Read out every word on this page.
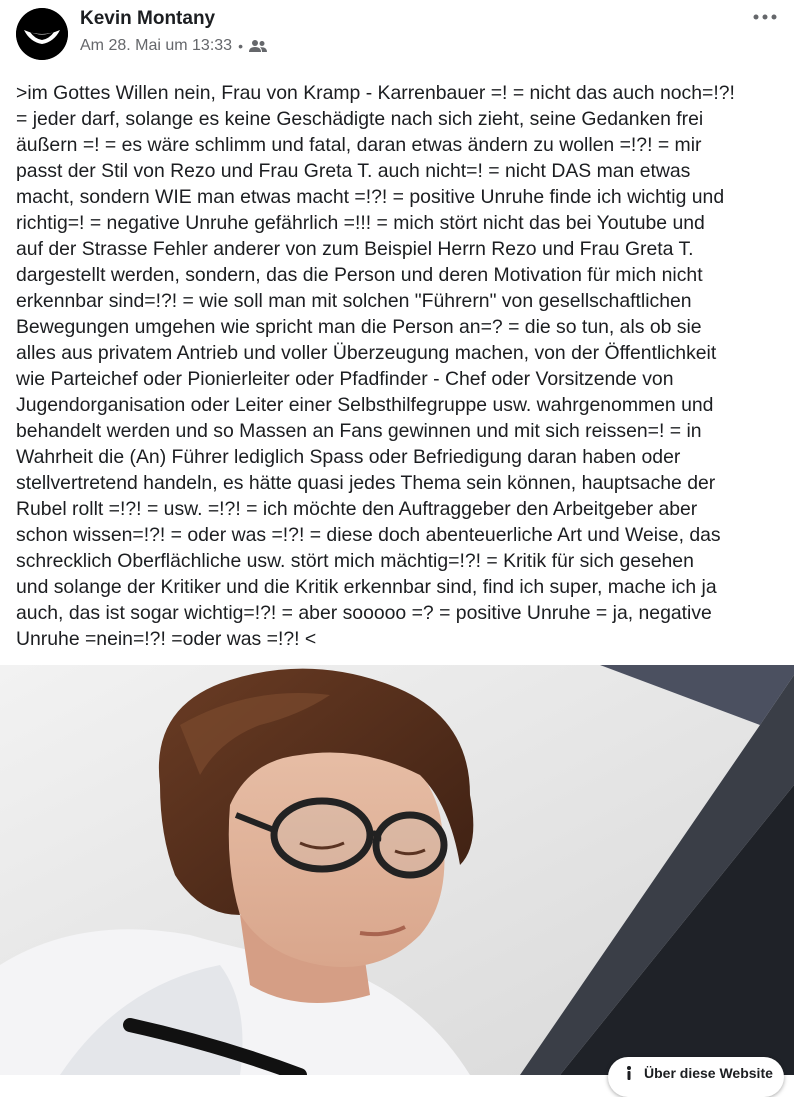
Kevin Montany
Am 28. Mai um 13:33 •

>im Gottes Willen nein, Frau von Kramp - Karrenbauer =! = nicht das auch noch=!?!
= jeder darf, solange es keine Geschädigte nach sich zieht, seine Gedanken frei
äußern =! = es wäre schlimm und fatal, daran etwas ändern zu wollen =!?! = mir
passt der Stil von Rezo und Frau Greta T. auch nicht=! = nicht DAS man etwas
macht, sondern WIE man etwas macht =!?! = positive Unruhe finde ich wichtig und
richtig=! = negative Unruhe gefährlich =!!! = mich stört nicht das bei Youtube und
auf der Strasse Fehler anderer von zum Beispiel Herrn Rezo und Frau Greta T.
dargestellt werden, sondern, das die Person und deren Motivation für mich nicht
erkennbar sind=!?! = wie soll man mit solchen "Führern" von gesellschaftlichen
Bewegungen umgehen wie spricht man die Person an=? = die so tun, als ob sie
alles aus privatem Antrieb und voller Überzeugung machen, von der Öffentlichkeit
wie Parteichef oder Pionierleiter oder Pfadfinder - Chef oder Vorsitzende von
Jugendorganisation oder Leiter einer Selbsthilfegruppe usw. wahrgenommen und
behandelt werden und so Massen an Fans gewinnen und mit sich reissen=! = in
Wahrheit die (An) Führer lediglich Spass oder Befriedigung daran haben oder
stellvertretend handeln, es hätte quasi jedes Thema sein können, hauptsache der
Rubel rollt =!?! = usw. =!?! = ich möchte den Auftraggeber den Arbeitgeber aber
schon wissen=!?! = oder was =!?! = diese doch abenteuerliche Art und Weise, das
schrecklich Oberflächliche usw. stört mich mächtig=!?! = Kritik für sich gesehen
und solange der Kritiker und die Kritik erkennbar sind, find ich super, mache ich ja
auch, das ist sogar wichtig=!?! = aber sooooo =? = positive Unruhe = ja, negative
Unruhe =nein=!?! =oder was =!?! <

Über diese Website
